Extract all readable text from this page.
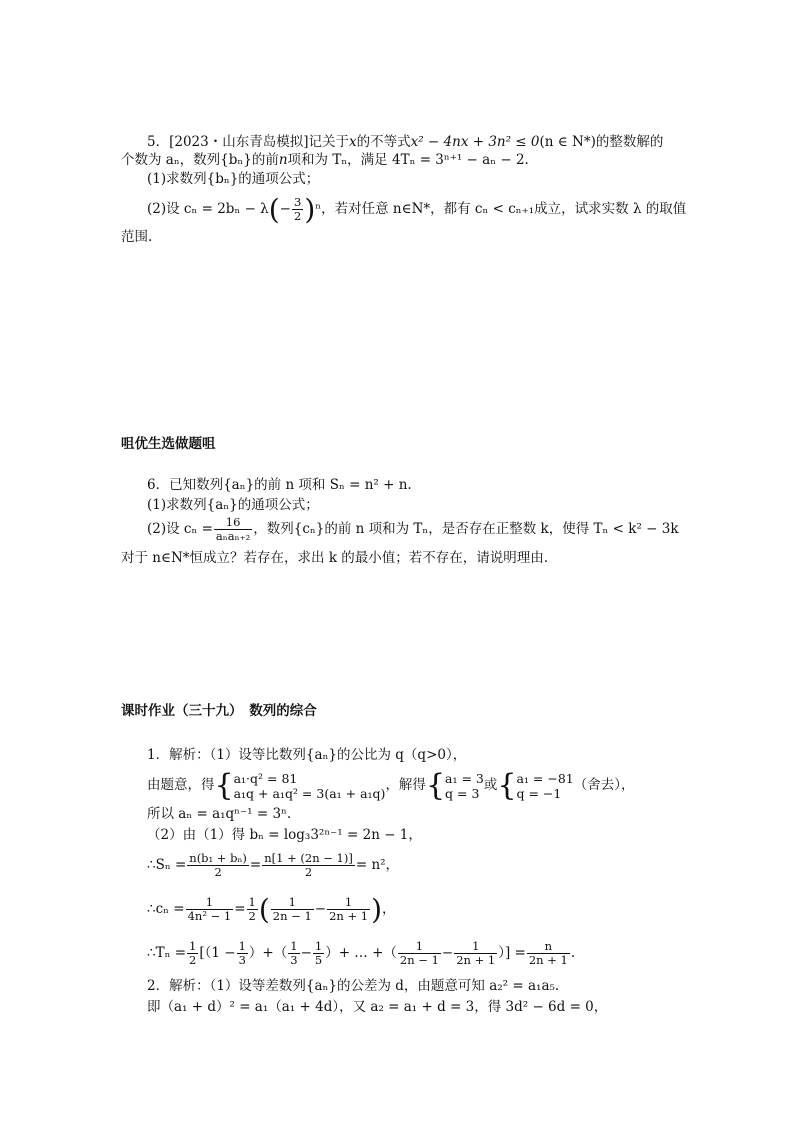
5．[2023・山东青岛模拟]记关于x的不等式x² − 4nx + 3n² ≤ 0(n ∈ N*)的整数解的
个数为 aₙ，数列{bₙ}的前n项和为 Tₙ，满足 4Tₙ = 3ⁿ⁺¹ − aₙ − 2.
(1)求数列{bₙ}的通项公式；
(2)设 $c_n = 2b_n - \lambda(- \frac{3}{2} )^n$，若对任意 n∈N*，都有 cₙ < cₙ₊₁成立，试求实数 λ 的取值
范围.
咀优生选做题咀
6．已知数列{aₙ}的前 n 项和 Sₙ = n² + n.
(1)求数列{aₙ}的通项公式；
(2)设 $c_n = \frac{16}{\text{aₙaₙ₊₂}}$ ，数列{cₙ}的前 n 项和为 Tₙ，是否存在正整数 k，使得 Tₙ < k² − 3k
对于 n∈N*恒成立？若存在，求出 k 的最小值；若不存在，请说明理由.
课时作业（三十九）　数列的综合
1．解析：（1）设等比数列{aₙ}的公比为 q（q>0），
由题意，得{ a₁·q² = 81
a₁q + a₁q² = 3(a₁ + a₁q) ，解得{ a₁ = 3
q = 3 或{ a₁ = −81
q = −1 （舍去），
所以 aₙ = a₁qⁿ⁻¹ = 3ⁿ.
（2）由（1）得 bₙ = log₃3²ⁿ⁻¹ = 2n − 1，
∴Sₙ = $\frac{\text{n(b₁ + bₙ)}}{2} = \frac{n[1 + (2n - 1)]}{2} = n^2$，
∴cₙ = $\frac{1}{\text{4n² − 1}} = \frac{1}{2}$ ( $\frac{1}{2n - 1} - \frac{1}{2n + 1}$ )，
∴Tₙ = $\frac{1}{2} [(1 - \frac{1}{3}$ ）+（ $\frac{1}{3} - \frac{1}{5}$ ）+ … +（ $\frac{1}{2n - 1} - \frac{1}{2n + 1}$ ）] = $\frac{n}{2n + 1}$ .
2．解析：（1）设等差数列{aₙ}的公差为 d，由题意可知 a₂² = a₁a₅.
即（a₁ + d）² = a₁（a₁ + 4d），又 a₂ = a₁ + d = 3，得 3d² − 6d = 0，
